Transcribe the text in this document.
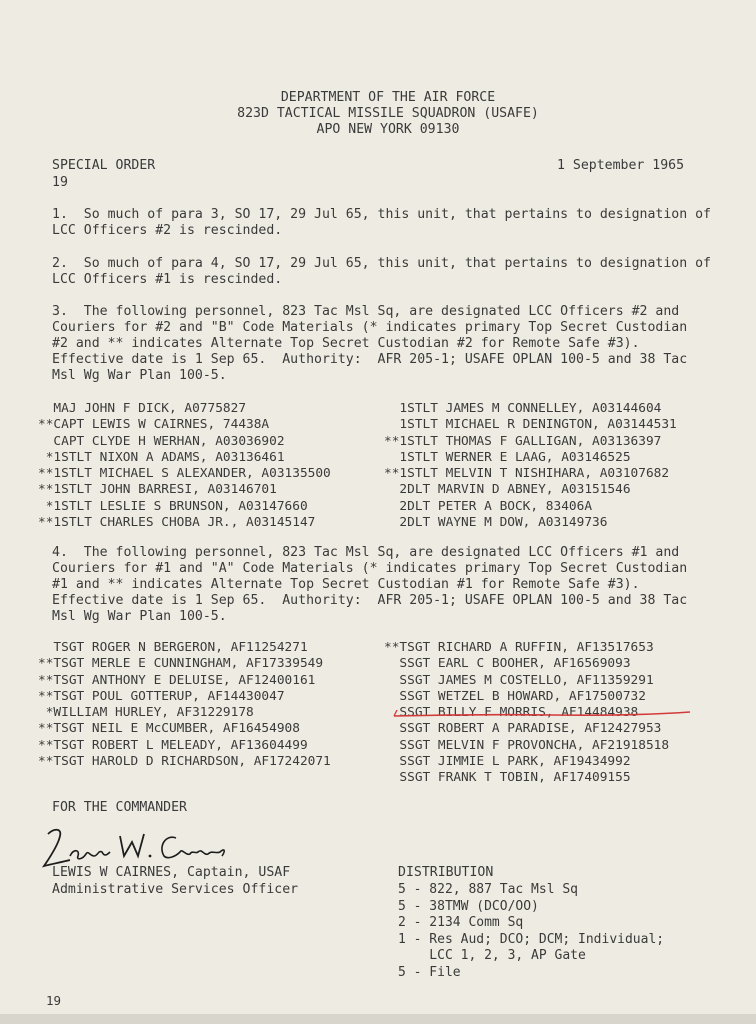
DEPARTMENT OF THE AIR FORCE
823D TACTICAL MISSILE SQUADRON (USAFE)
APO NEW YORK 09130
SPECIAL ORDER
19
1 September 1965
1.  So much of para 3, SO 17, 29 Jul 65, this unit, that pertains to designation of
LCC Officers #2 is rescinded.
2.  So much of para 4, SO 17, 29 Jul 65, this unit, that pertains to designation of
LCC Officers #1 is rescinded.
3.  The following personnel, 823 Tac Msl Sq, are designated LCC Officers #2 and
Couriers for #2 and "B" Code Materials (* indicates primary Top Secret Custodian
#2 and ** indicates Alternate Top Secret Custodian #2 for Remote Safe #3).
Effective date is 1 Sep 65.  Authority:  AFR 205-1; USAFE OPLAN 100-5 and 38 Tac
Msl Wg War Plan 100-5.
MAJ JOHN F DICK, A0775827
**CAPT LEWIS W CAIRNES, 74438A
CAPT CLYDE H WERHAN, A03036902
*1STLT NIXON A ADAMS, A03136461
**1STLT MICHAEL S ALEXANDER, A03135500
**1STLT JOHN BARRESI, A03146701
*1STLT LESLIE S BRUNSON, A03147660
**1STLT CHARLES CHOBA JR., A03145147
1STLT JAMES M CONNELLEY, A03144604
1STLT MICHAEL R DENINGTON, A03144531
**1STLT THOMAS F GALLIGAN, A03136397
1STLT WERNER E LAAG, A03146525
**1STLT MELVIN T NISHIHARA, A03107682
2DLT MARVIN D ABNEY, A03151546
2DLT PETER A BOCK, 83406A
2DLT WAYNE M DOW, A03149736
4.  The following personnel, 823 Tac Msl Sq, are designated LCC Officers #1 and
Couriers for #1 and "A" Code Materials (* indicates primary Top Secret Custodian
#1 and ** indicates Alternate Top Secret Custodian #1 for Remote Safe #3).
Effective date is 1 Sep 65.  Authority:  AFR 205-1; USAFE OPLAN 100-5 and 38 Tac
Msl Wg War Plan 100-5.
TSGT ROGER N BERGERON, AF11254271
**TSGT MERLE E CUNNINGHAM, AF17339549
**TSGT ANTHONY E DELUISE, AF12400161
**TSGT POUL GOTTERUP, AF14430047
*WILLIAM HURLEY, AF31229178
**TSGT NEIL E McCUMBER, AF16454908
**TSGT ROBERT L MELEADY, AF13604499
**TSGT HAROLD D RICHARDSON, AF17242071
**TSGT RICHARD A RUFFIN, AF13517653
SSGT EARL C BOOHER, AF16569093
SSGT JAMES M COSTELLO, AF11359291
SSGT WETZEL B HOWARD, AF17500732
SSGT BILLY F MORRIS, AF14484938
SSGT ROBERT A PARADISE, AF12427953
SSGT MELVIN F PROVONCHA, AF21918518
SSGT JIMMIE L PARK, AF19434992
SSGT FRANK T TOBIN, AF17409155
FOR THE COMMANDER
LEWIS W CAIRNES, Captain, USAF
Administrative Services Officer
DISTRIBUTION
5 - 822, 887 Tac Msl Sq
5 - 38TMW (DCO/OO)
2 - 2134 Comm Sq
1 - Res Aud; DCO; DCM; Individual;
LCC 1, 2, 3, AP Gate
5 - File
19
